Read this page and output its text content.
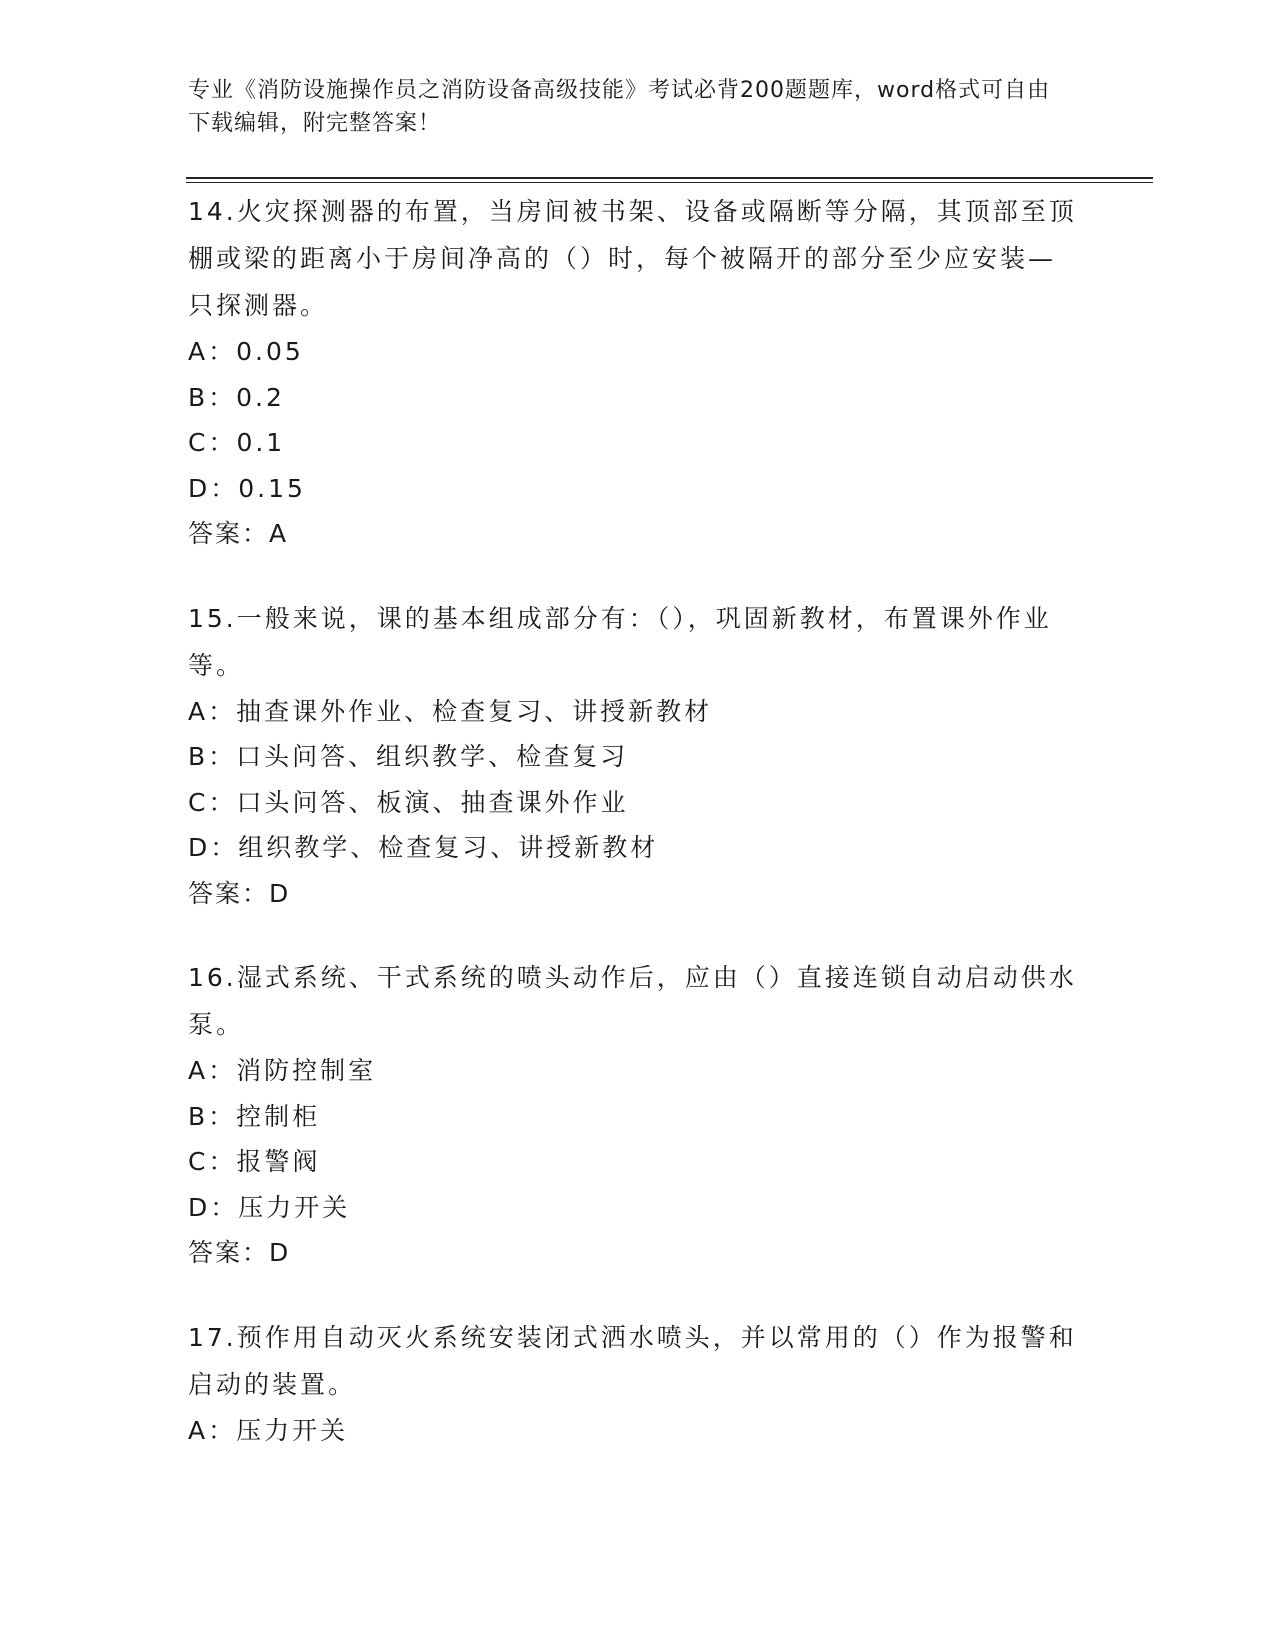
专业《消防设施操作员之消防设备高级技能》考试必背200题题库，word格式可自由下载编辑，附完整答案！

14.火灾探测器的布置，当房间被书架、设备或隔断等分隔，其顶部至顶棚或梁的距离小于房间净高的（）时，每个被隔开的部分至少应安装—只探测器。

A：0.05

B：0.2

C：0.1

D：0.15

答案：A

15.一般来说，课的基本组成部分有：（），巩固新教材，布置课外作业等。

A：抽查课外作业、检查复习、讲授新教材

B：口头问答、组织教学、检查复习

C：口头问答、板演、抽查课外作业

D：组织教学、检查复习、讲授新教材

答案：D

16.湿式系统、干式系统的喷头动作后，应由（）直接连锁自动启动供水泵。

A：消防控制室

B：控制柜

C：报警阀

D：压力开关

答案：D

17.预作用自动灭火系统安装闭式洒水喷头，并以常用的（）作为报警和启动的装置。

A：压力开关
